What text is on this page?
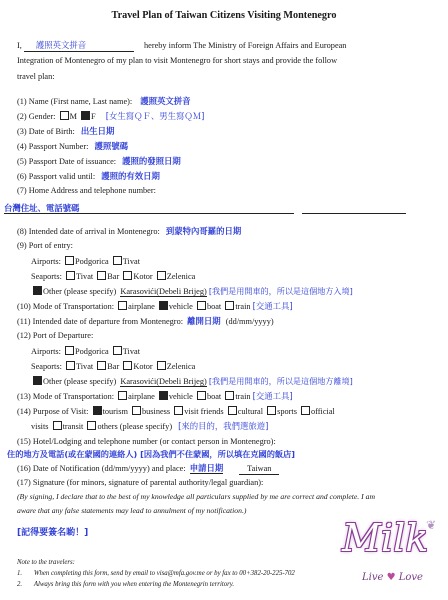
Travel Plan of Taiwan Citizens Visiting Montenegro
I, 護照英文拼音	hereby inform The Ministry of Foreign Affairs and European
Integration of Montenegro of my plan to visit Montenegro for short stays and provide the follow
travel plan:
(1) Name (First name, Last name): 護照英文拼音
(2) Gender: M F [女生寫ＱＦ、男生寫ＱＭ]
(3) Date of Birth: 出生日期
(4) Passport Number: 護照號碼
(5) Passport Date of issuance: 護照的發照日期
(6) Passport valid until: 護照的有效日期
(7) Home Address and telephone number:
台灣住址、電話號碼
(8) Intended date of arrival in Montenegro: 到蒙特內哥羅的日期
(9) Port of entry:
Airports: Podgorica Tivat
Seaports: Tivat Bar Kotor Zelenica
Other (please specify) Karasovići(Debeli Brijeg) [我們是用開車的，所以是這個地方入境]
(10) Mode of Transportation: airplane vehicle boat train [交通工具]
(11) Intended date of departure from Montenegro: 離開日期 (dd/mm/yyyy)
(12) Port of Departure:
Airports: Podgorica Tivat
Seaports: Tivat Bar Kotor Zelenica
Other (please specify) Karasovići(Debeli Brijeg) [我們是用開車的，所以是這個地方離境]
(13) Mode of Transportation: airplane vehicle boat train [交通工具]
(14) Purpose of Visit: tourism business visit friends cultural sports official
visits transit others (please specify) [來的目的，我們選旅遊]
(15) Hotel/Lodging and telephone number (or contact person in Montenegro):
住的地方及電話(或在蒙國的連絡人) [因為我們不住蒙國，所以填在克國的飯店]
(16) Date of Notification (dd/mm/yyyy) and place: 申請日期	Taiwan
(17) Signature (for minors, signature of parental authority/legal guardian):
(By signing, I declare that to the best of my knowledge all particulars supplied by me are correct and complete. I am
aware that any false statements may lead to annulment of my notification.)
[記得要簽名喲！]
Note to the travelers:
1. When completing this form, send by email to visa@mfa.gov.me or by fax to 00+382-20-225-702
2. Always bring this form with you when entering the Montenegrin territory.
❦
Milk
Live ♥ Love
